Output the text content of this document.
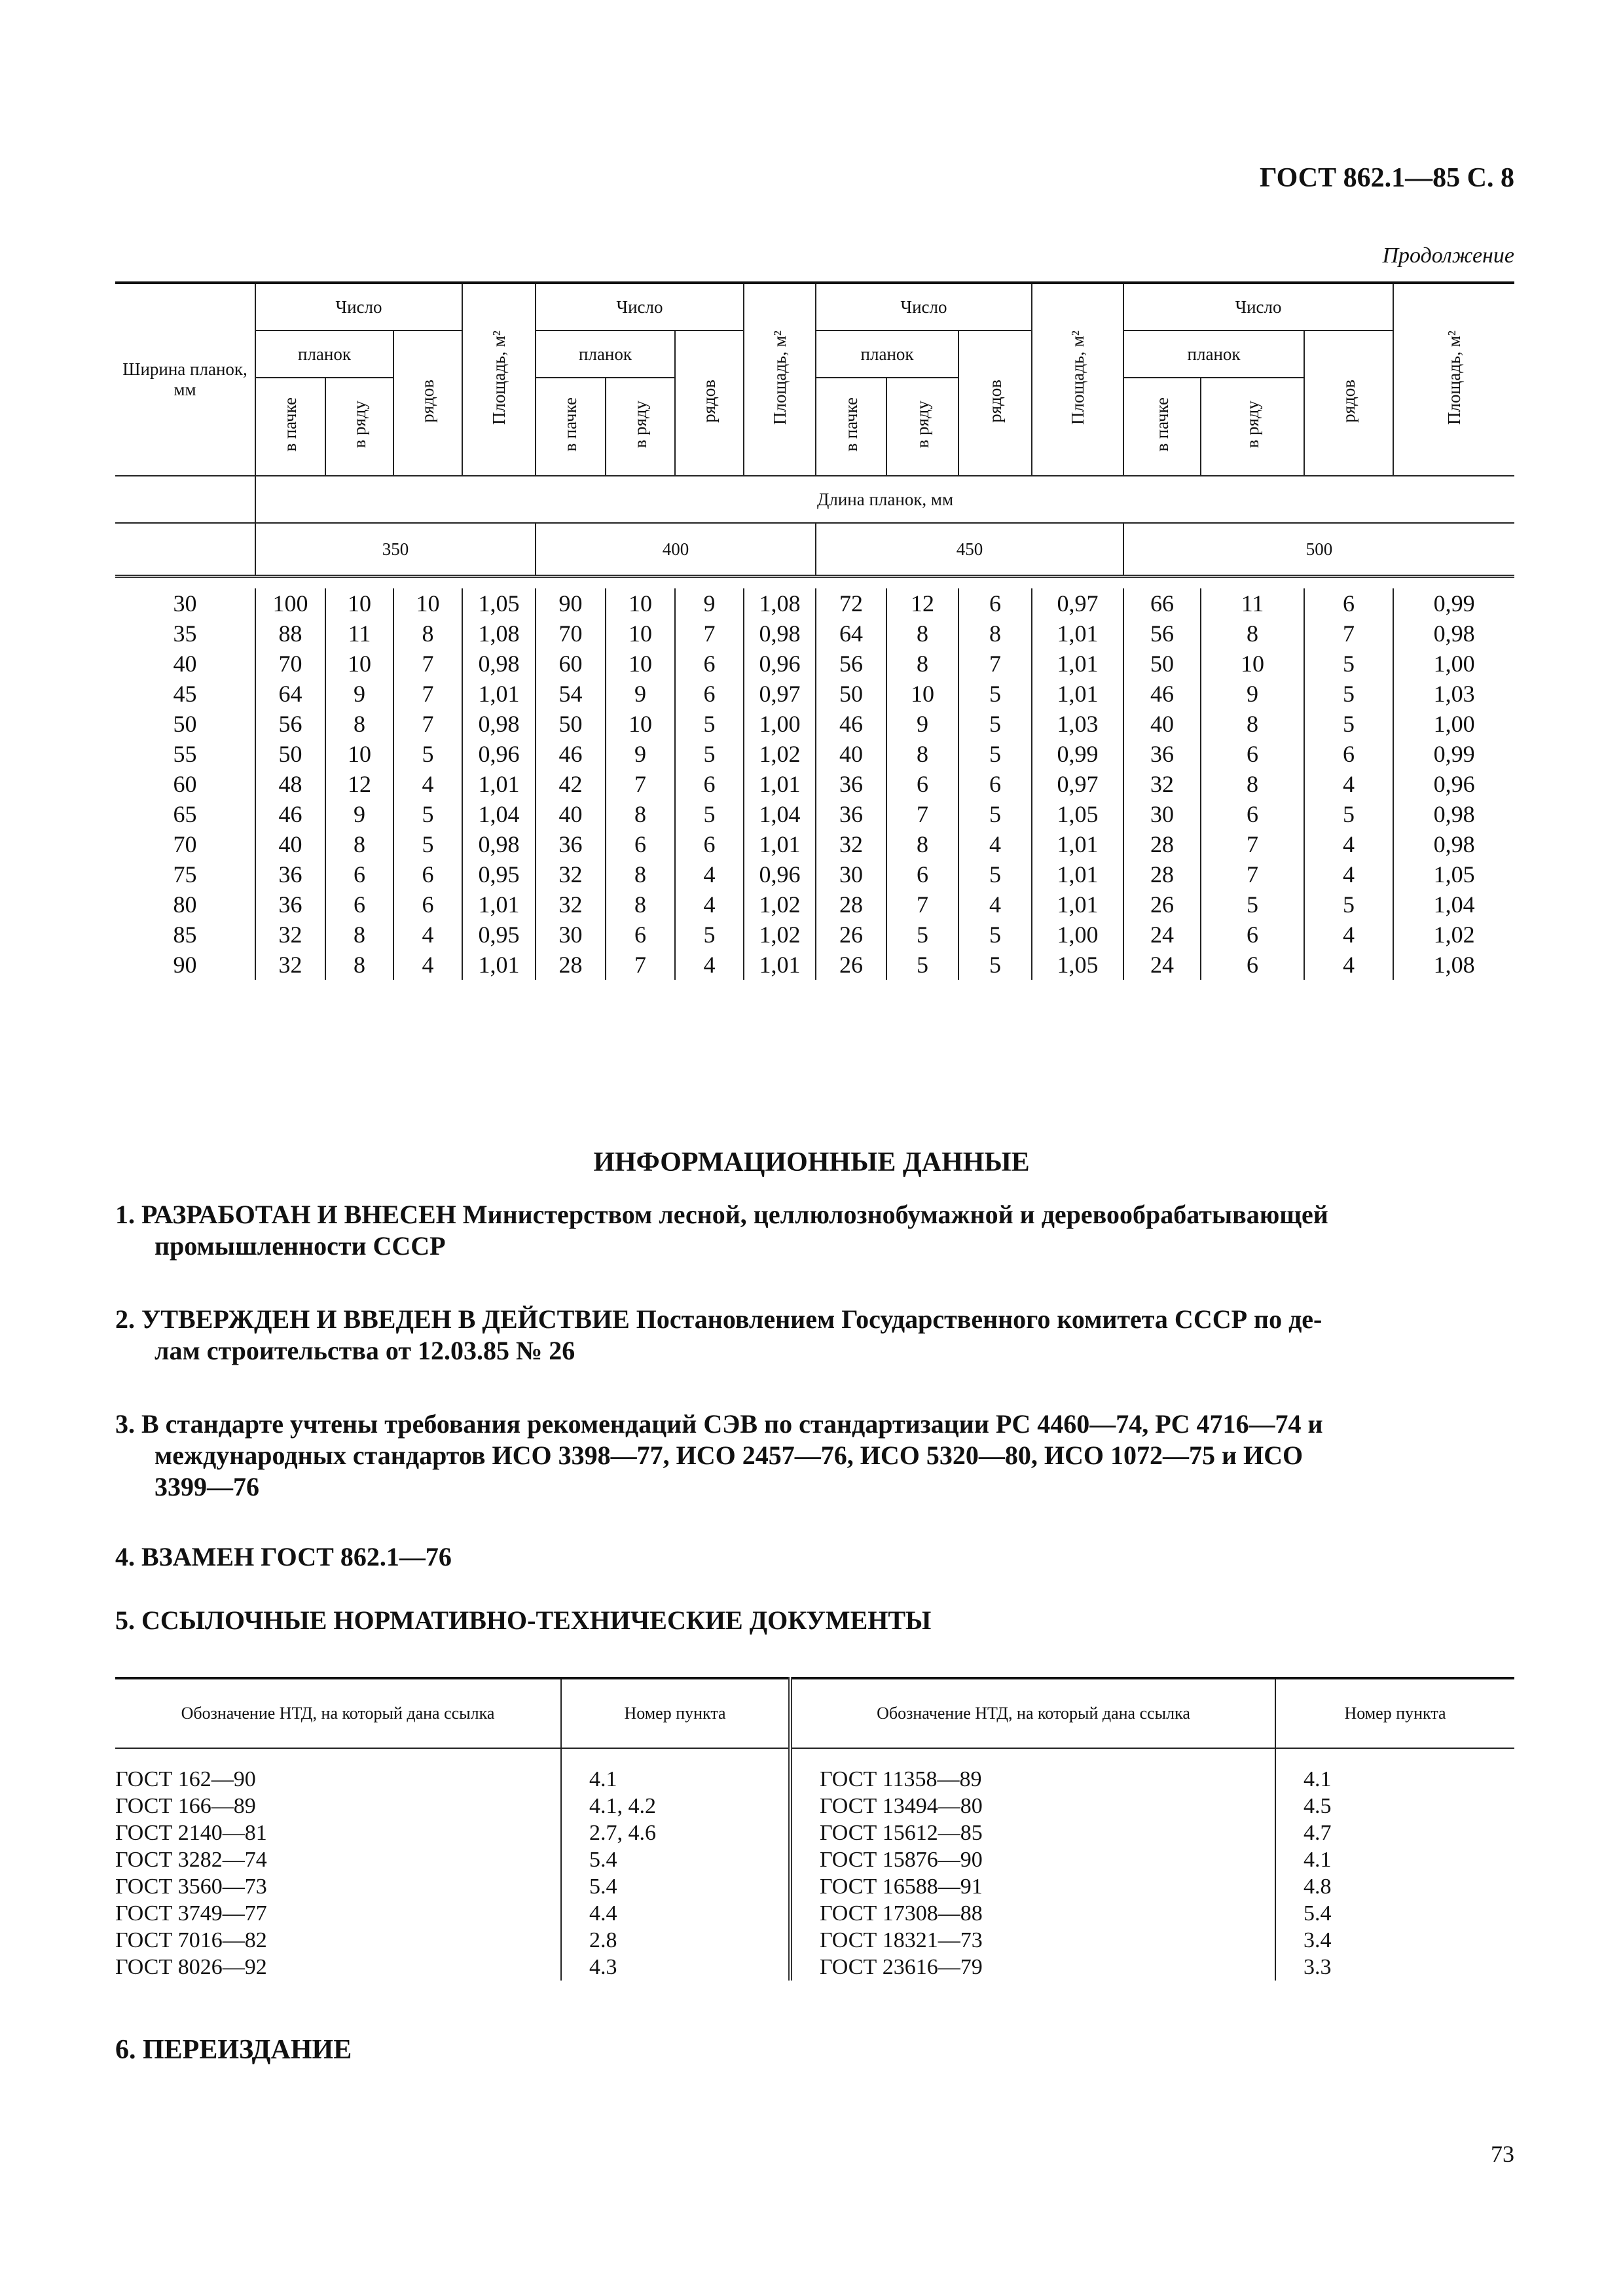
ГОСТ 862.1—85 С. 8
Продолжение
Ширина планок, мм	Число			Площадь, м²	Число			Площадь, м²	Число			Площадь, м²	Число			Площадь, м²
	планок		рядов		планок		рядов		планок		рядов		планок		рядов	
	в пачке	в ряду			в пачке	в ряду			в пачке	в ряду			в пачке	в ряду		
	Длина планок, мм															
	350				400				450				500			

30	100	10	10	1,05	90	10	9	1,08	72	12	6	0,97	66	11	6	0,99
35	88	11	8	1,08	70	10	7	0,98	64	8	8	1,01	56	8	7	0,98
40	70	10	7	0,98	60	10	6	0,96	56	8	7	1,01	50	10	5	1,00
45	64	9	7	1,01	54	9	6	0,97	50	10	5	1,01	46	9	5	1,03
50	56	8	7	0,98	50	10	5	1,00	46	9	5	1,03	40	8	5	1,00
55	50	10	5	0,96	46	9	5	1,02	40	8	5	0,99	36	6	6	0,99
60	48	12	4	1,01	42	7	6	1,01	36	6	6	0,97	32	8	4	0,96
65	46	9	5	1,04	40	8	5	1,04	36	7	5	1,05	30	6	5	0,98
70	40	8	5	0,98	36	6	6	1,01	32	8	4	1,01	28	7	4	0,98
75	36	6	6	0,95	32	8	4	0,96	30	6	5	1,01	28	7	4	1,05
80	36	6	6	1,01	32	8	4	1,02	28	7	4	1,01	26	5	5	1,04
85	32	8	4	0,95	30	6	5	1,02	26	5	5	1,00	24	6	4	1,02
90	32	8	4	1,01	28	7	4	1,01	26	5	5	1,05	24	6	4	1,08
ИНФОРМАЦИОННЫЕ ДАННЫЕ
1. РАЗРАБОТАН И ВНЕСЕН Министерством лесной, целлюлознобумажной и деревообрабатывающей
промышленности СССР
2. УТВЕРЖДЕН И ВВЕДЕН В ДЕЙСТВИЕ Постановлением Государственного комитета СССР по де-
лам строительства от 12.03.85 № 26
3. В стандарте учтены требования рекомендаций СЭВ по стандартизации PC 4460—74, PC 4716—74 и
международных стандартов ИСО 3398—77, ИСО 2457—76, ИСО 5320—80, ИСО 1072—75 и ИСО
3399—76
4. ВЗАМЕН ГОСТ 862.1—76
5. ССЫЛОЧНЫЕ НОРМАТИВНО-ТЕХНИЧЕСКИЕ ДОКУМЕНТЫ
Обозначение НТД, на который дана ссылка	Номер пункта	Обозначение НТД, на который дана ссылка	Номер пункта

ГОСТ 162—90	4.1	ГОСТ 11358—89	4.1

ГОСТ 166—89	4.1, 4.2	ГОСТ 13494—80	4.5

ГОСТ 2140—81	2.7, 4.6	ГОСТ 15612—85	4.7

ГОСТ 3282—74	5.4	ГОСТ 15876—90	4.1

ГОСТ 3560—73	5.4	ГОСТ 16588—91	4.8

ГОСТ 3749—77	4.4	ГОСТ 17308—88	5.4

ГОСТ 7016—82	2.8	ГОСТ 18321—73	3.4

ГОСТ 8026—92	4.3	ГОСТ 23616—79	3.3
6. ПЕРЕИЗДАНИЕ
73
